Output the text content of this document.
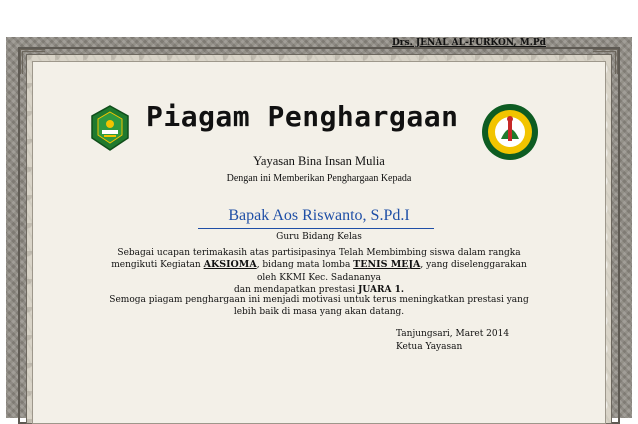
Drs. JENAL AL-FURKON, M.Pd
Piagam Penghargaan
Yayasan Bina Insan Mulia
Dengan ini Memberikan Penghargaan Kepada
Bapak Aos Riswanto, S.Pd.I
Guru Bidang Kelas
Sebagai ucapan terimakasih atas partisipasinya Telah Membimbing siswa dalam rangka
mengikuti Kegiatan AKSIOMA, bidang mata lomba TENIS MEJA, yang diselenggarakan
oleh KKMI Kec. Sadananya
dan mendapatkan prestasi JUARA 1.
Semoga piagam penghargaan ini menjadi motivasi untuk terus meningkatkan prestasi yang
lebih baik di masa yang akan datang.
Tanjungsari, Maret 2014
Ketua Yayasan
